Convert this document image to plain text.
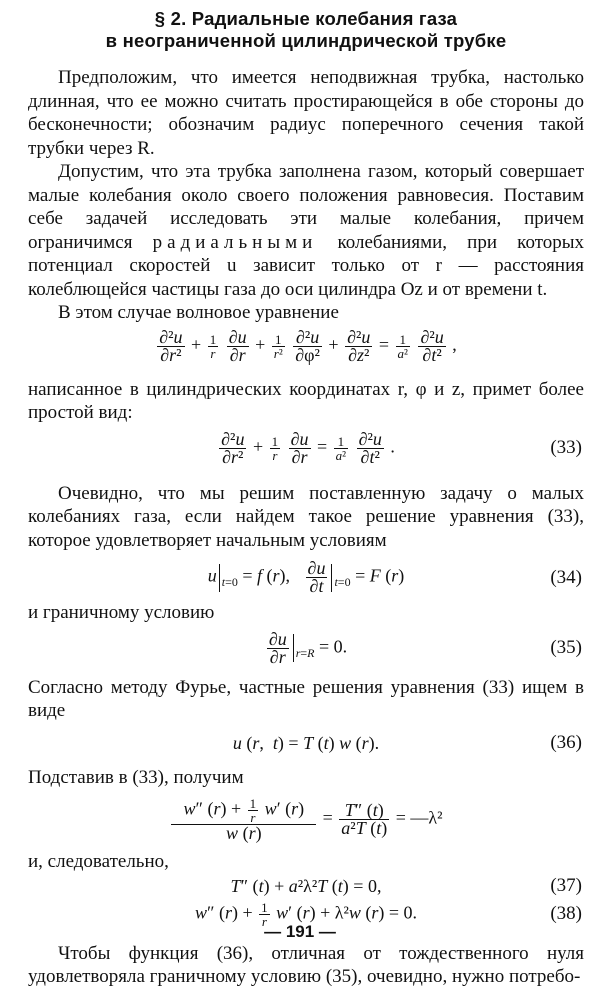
§ 2. Радиальные колебания газа
в неограниченной цилиндрической трубке

Предположим, что имеется неподвижная трубка, настолько длинная, что ее можно считать простирающейся в обе стороны до бесконечности; обозначим радиус поперечного сечения такой трубки через R.

Допустим, что эта трубка заполнена газом, который совершает малые колебания около своего положения равновесия. Поставим себе задачей исследовать эти малые колебания, причем ограничимся радиальными колебаниями, при которых потенциал скоростей u зависит только от r — расстояния колеблющейся частицы газа до оси цилиндра Oz и от времени t.

В этом случае волновое уравнение

$\frac{\text{∂²u}}{\text{∂r²}} + \frac{1}{r}$
$\frac{\partial u}{\partial r} + \frac{1}{\text{r²}}$
$\frac{\text{∂²u}}{\text{∂φ²}} + \frac{\text{∂²u}}{\text{∂z²}} = \frac{1}{\text{a²}}$
$\frac{\text{∂²u}}{\text{∂t²}}$ ,

написанное в цилиндрических координатах r, φ и z, примет более простой вид:

$\frac{\text{∂²u}}{\text{∂r²}} + \frac{1}{r}$
$\frac{\partial u}{\partial r} = \frac{1}{\text{a²}}$
$\frac{\text{∂²u}}{\text{∂t²}}$ .	(33)

Очевидно, что мы решим поставленную задачу о малых колебаниях газа, если найдем такое решение уравнения (33), которое удовлетворяет начальным условиям

u $_{t=0}$ = f (r), $\frac{\partial u}{\partial t} _{t=0} = F$ (r)	(34)

и граничному условию

$\frac{\partial u}{\partial r} _{r=R} = 0$.	(35)

Согласно методу Фурье, частные решения уравнения (33) ищем в виде

u (r,  t) = T (t) w (r).	(36)

Подставив в (33), получим

$\frac{w'' (r) + \frac{1}{r} w' (r)}{w (r)} = \frac{T'' (t)}{\text{a²T (t)}}$ = —λ²

и, следовательно,

T″ (t) + a²λ²T (t) = 0,	(37)
w″ $(r) + \frac{1}{r} w'$ (r) + λ²w (r) = 0.	(38)

Чтобы функция (36), отличная от тождественного нуля удовлетворяла граничному условию (35), очевидно, нужно потребо-

— 191 —
